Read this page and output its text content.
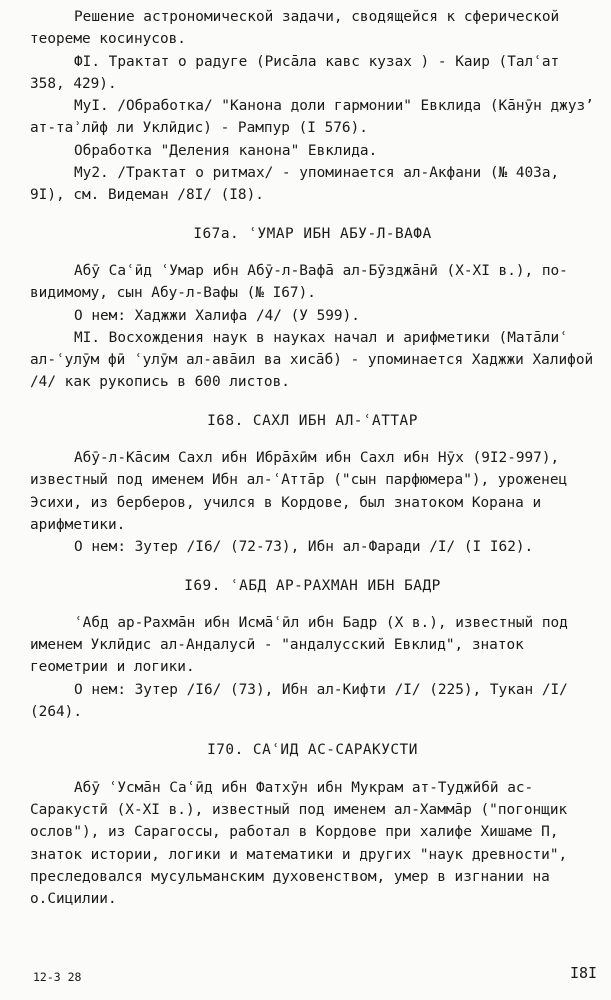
Решение астрономической задачи, сводящейся к сферической теореме косинусов.

ФI. Трактат о радуге (Рисāла кавс кузах ) - Каир (Талʿат 358, 429).

МуI. /Обработка/ "Канона доли гармонии" Евклида (Кāнӯн джуз’ ат-таʾлӣф ли Уклӣдис) - Рампур (I 576).

Обработка "Деления канона" Евклида.

Му2. /Трактат о ритмах/ - упоминается ал-Акфани (№ 403а, 9I), см. Видеман /8I/ (I8).

I67а. ʿУМАР ИБН АБУ-Л-ВАФА

Абӯ Саʿӣд ʿУмар ибн Абӯ-л-Вафā ал-Бӯзджāнӣ (X-XI в.), по-видимому, сын Абу-л-Вафы (№ I67).

О нем: Хаджжи Халифа /4/ (У 599).

МI. Восхождения наук в науках начал и арифметики (Матāлиʿ ал-ʿулӯм фӣ ʿулӯм ал-авāил ва хисāб) - упоминается Хаджжи Халифой /4/ как рукопись в 600 листов.

I68. САХЛ ИБН АЛ-ʿАТТАР

Абӯ-л-Кāсим Сахл ибн Ибрāхӣм ибн Сахл ибн Нӯх (9I2-997), известный под именем Ибн ал-ʿАттāр ("сын парфюмера"), уроженец Эсихи, из берберов, учился в Кордове, был знатоком Корана и арифметики.

О нем: Зутер /I6/ (72-73), Ибн ал-Фаради /I/ (I I62).

I69. ʿАБД АР-РАХМАН ИБН БАДР

ʿАбд ар-Рахмāн ибн Исмāʿӣл ибн Бадр (X в.), известный под именем Уклӣдис ал-Андалусӣ - "андалусский Евклид", знаток геометрии и логики.

О нем: Зутер /I6/ (73), Ибн ал-Кифти /I/ (225), Тукан /I/ (264).

I70. САʿИД АС-САРАКУСТИ

Абӯ ʿУсмāн Саʿӣд ибн Фатхӯн ибн Мукрам ат-Туджӣбӣ ас-Саракустӣ (X-XI в.), известный под именем ал-Хаммāр ("погонщик ослов"), из Сарагоссы, работал в Кордове при халифе Хишаме П, знаток истории, логики и математики и других "наук древности", преследовался мусульманским духовенством, умер в изгнании на о.Сицилии.

12-3 28	I8I
